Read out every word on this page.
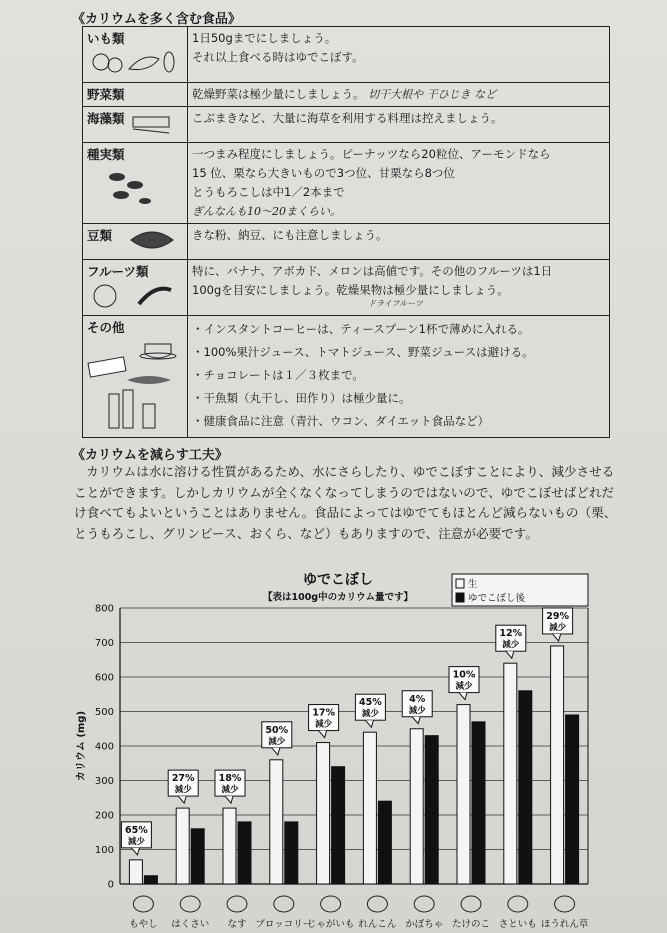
《カリウムを多く含む食品》
いも類	1日50gまでにしましょう。
それ以上食べる時はゆでこぼす。

野菜類	乾燥野菜は極少量にしましょう。 切干大根や 干ひじき など

海藻類	こぶまきなど、大量に海草を利用する料理は控えましょう。

種実類	一つまみ程度にしましょう。ピーナッツなら20粒位、アーモンドなら
15 位、栗なら大きいもので3つ位、甘栗なら8つ位
とうもろこしは中1／2本まで
ぎんなんも10～20まくらい。

豆類	きな粉、納豆、にも注意しましょう。

フルーツ類	特に、バナナ、アボカド、メロンは高値です。その他のフルーツは1日
100gを目安にしましょう。乾燥果物は極少量にしましょう。
ドライフルーツ

その他	・インスタントコーヒーは、ティースプーン1杯で薄めに入れる。
・100%果汁ジュース、トマトジュース、野菜ジュースは避ける。
・チョコレートは１／３枚まで。
・干魚類（丸干し、田作り）は極少量に。
・健康食品に注意（青汁、ウコン、ダイエット食品など）
《カリウムを減らす工夫》
カリウムは水に溶ける性質があるため、水にさらしたり、ゆでこぼすことにより、減少させることができます。しかしカリウムが全くなくなってしまうのではないので、ゆでこぼせばどれだけ食べてもよいということはありません。食品によってはゆでてもほとんど減らないもの（栗、とうもろこし、グリンピース、おくら、など）もありますので、注意が必要です。
ゆでこぼし
【表は100g中のカリウム量です】
0
100
200
300
400
500
600
700
800
カリウム (mg)
生
ゆでこぼし後
65%
減少
もやし
27%
減少
はくさい
18%
減少
なす
50%
減少
ブロッコリー
17%
減少
じゃがいも
45%
減少
れんこん
4%
減少
かぼちゃ
10%
減少
たけのこ
12%
減少
さといも
29%
減少
ほうれん草
